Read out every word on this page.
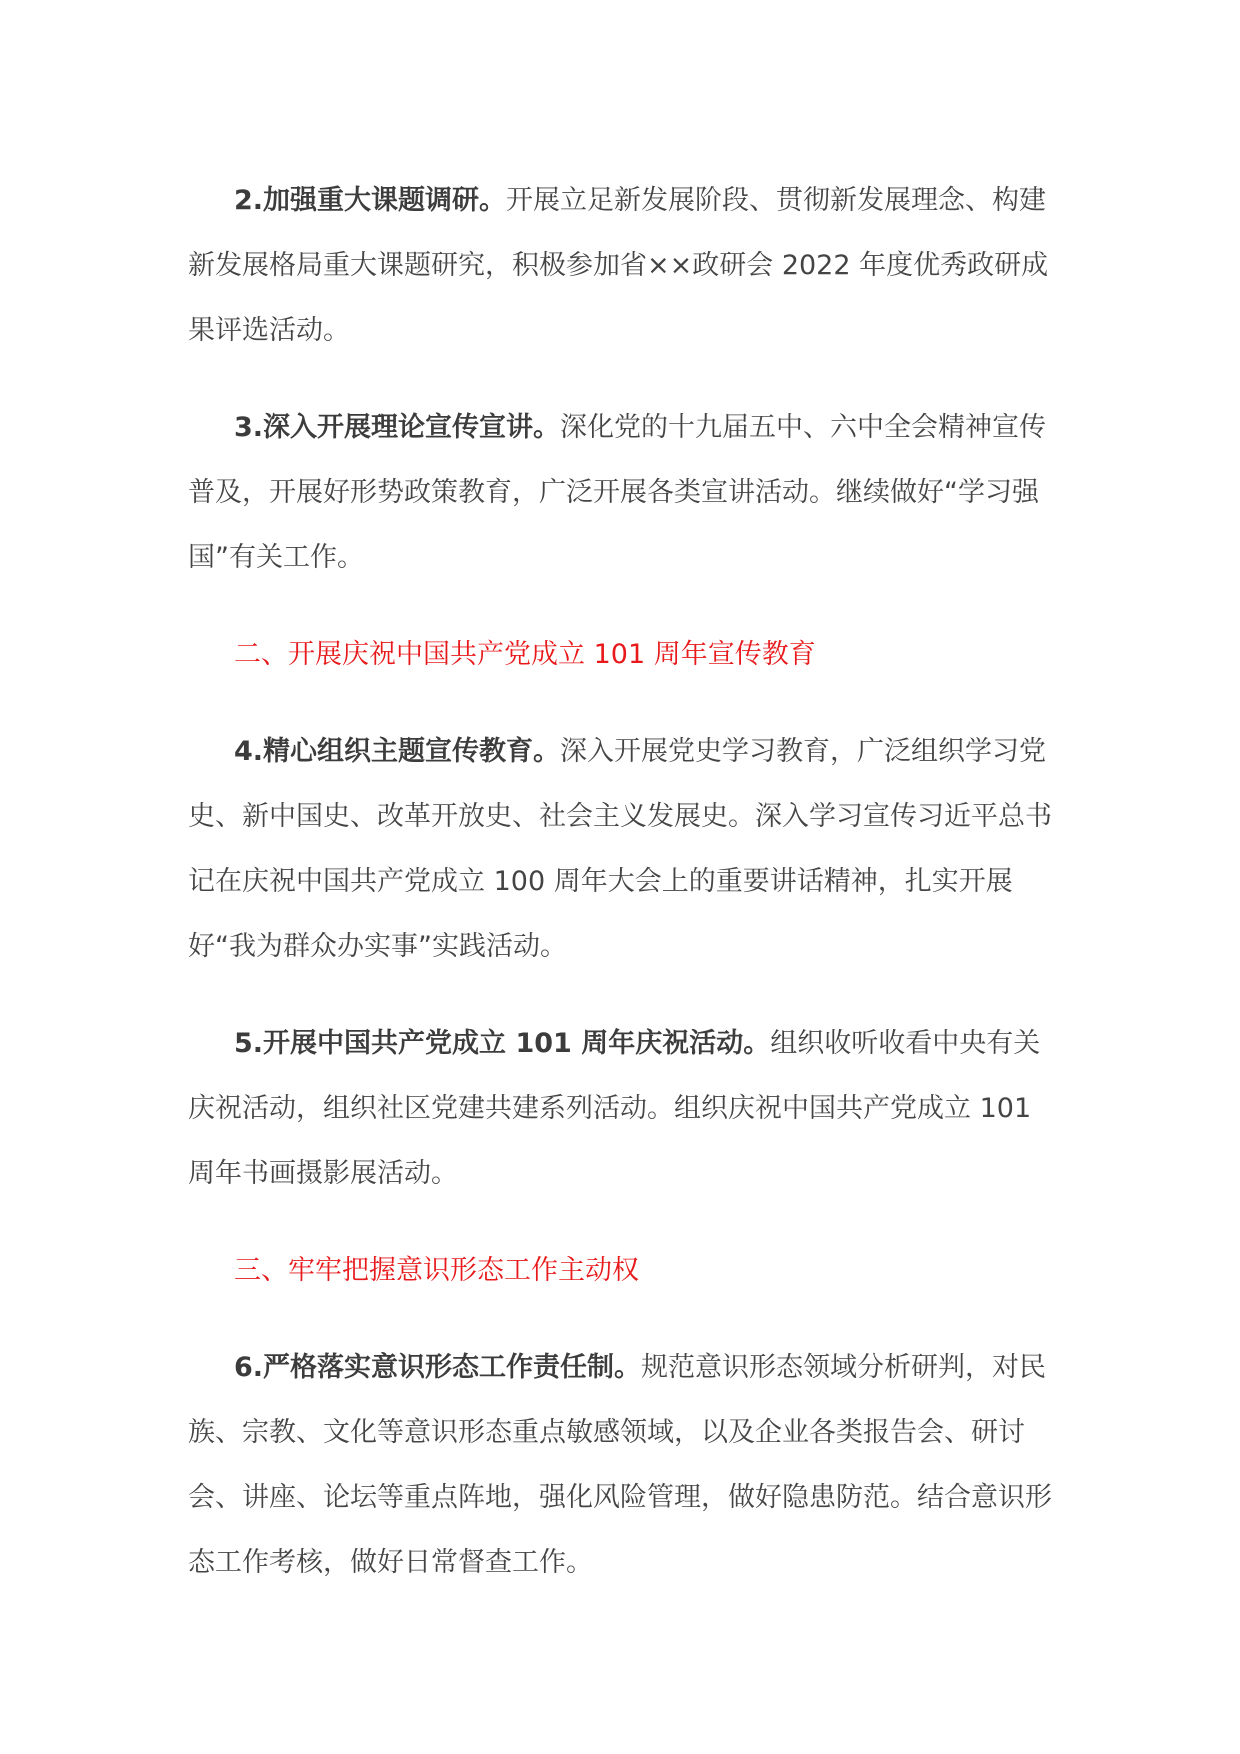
2.加强重大课题调研。开展立足新发展阶段、贯彻新发展理念、构建新发展格局重大课题研究，积极参加省××政研会 2022 年度优秀政研成果评选活动。

3.深入开展理论宣传宣讲。深化党的十九届五中、六中全会精神宣传普及，开展好形势政策教育，广泛开展各类宣讲活动。继续做好“学习强国”有关工作。

二、开展庆祝中国共产党成立 101 周年宣传教育

4.精心组织主题宣传教育。深入开展党史学习教育，广泛组织学习党史、新中国史、改革开放史、社会主义发展史。深入学习宣传习近平总书记在庆祝中国共产党成立 100 周年大会上的重要讲话精神，扎实开展好“我为群众办实事”实践活动。

5.开展中国共产党成立 101 周年庆祝活动。组织收听收看中央有关庆祝活动，组织社区党建共建系列活动。组织庆祝中国共产党成立 101 周年书画摄影展活动。

三、牢牢把握意识形态工作主动权

6.严格落实意识形态工作责任制。规范意识形态领域分析研判，对民族、宗教、文化等意识形态重点敏感领域，以及企业各类报告会、研讨会、讲座、论坛等重点阵地，强化风险管理，做好隐患防范。结合意识形态工作考核，做好日常督查工作。
